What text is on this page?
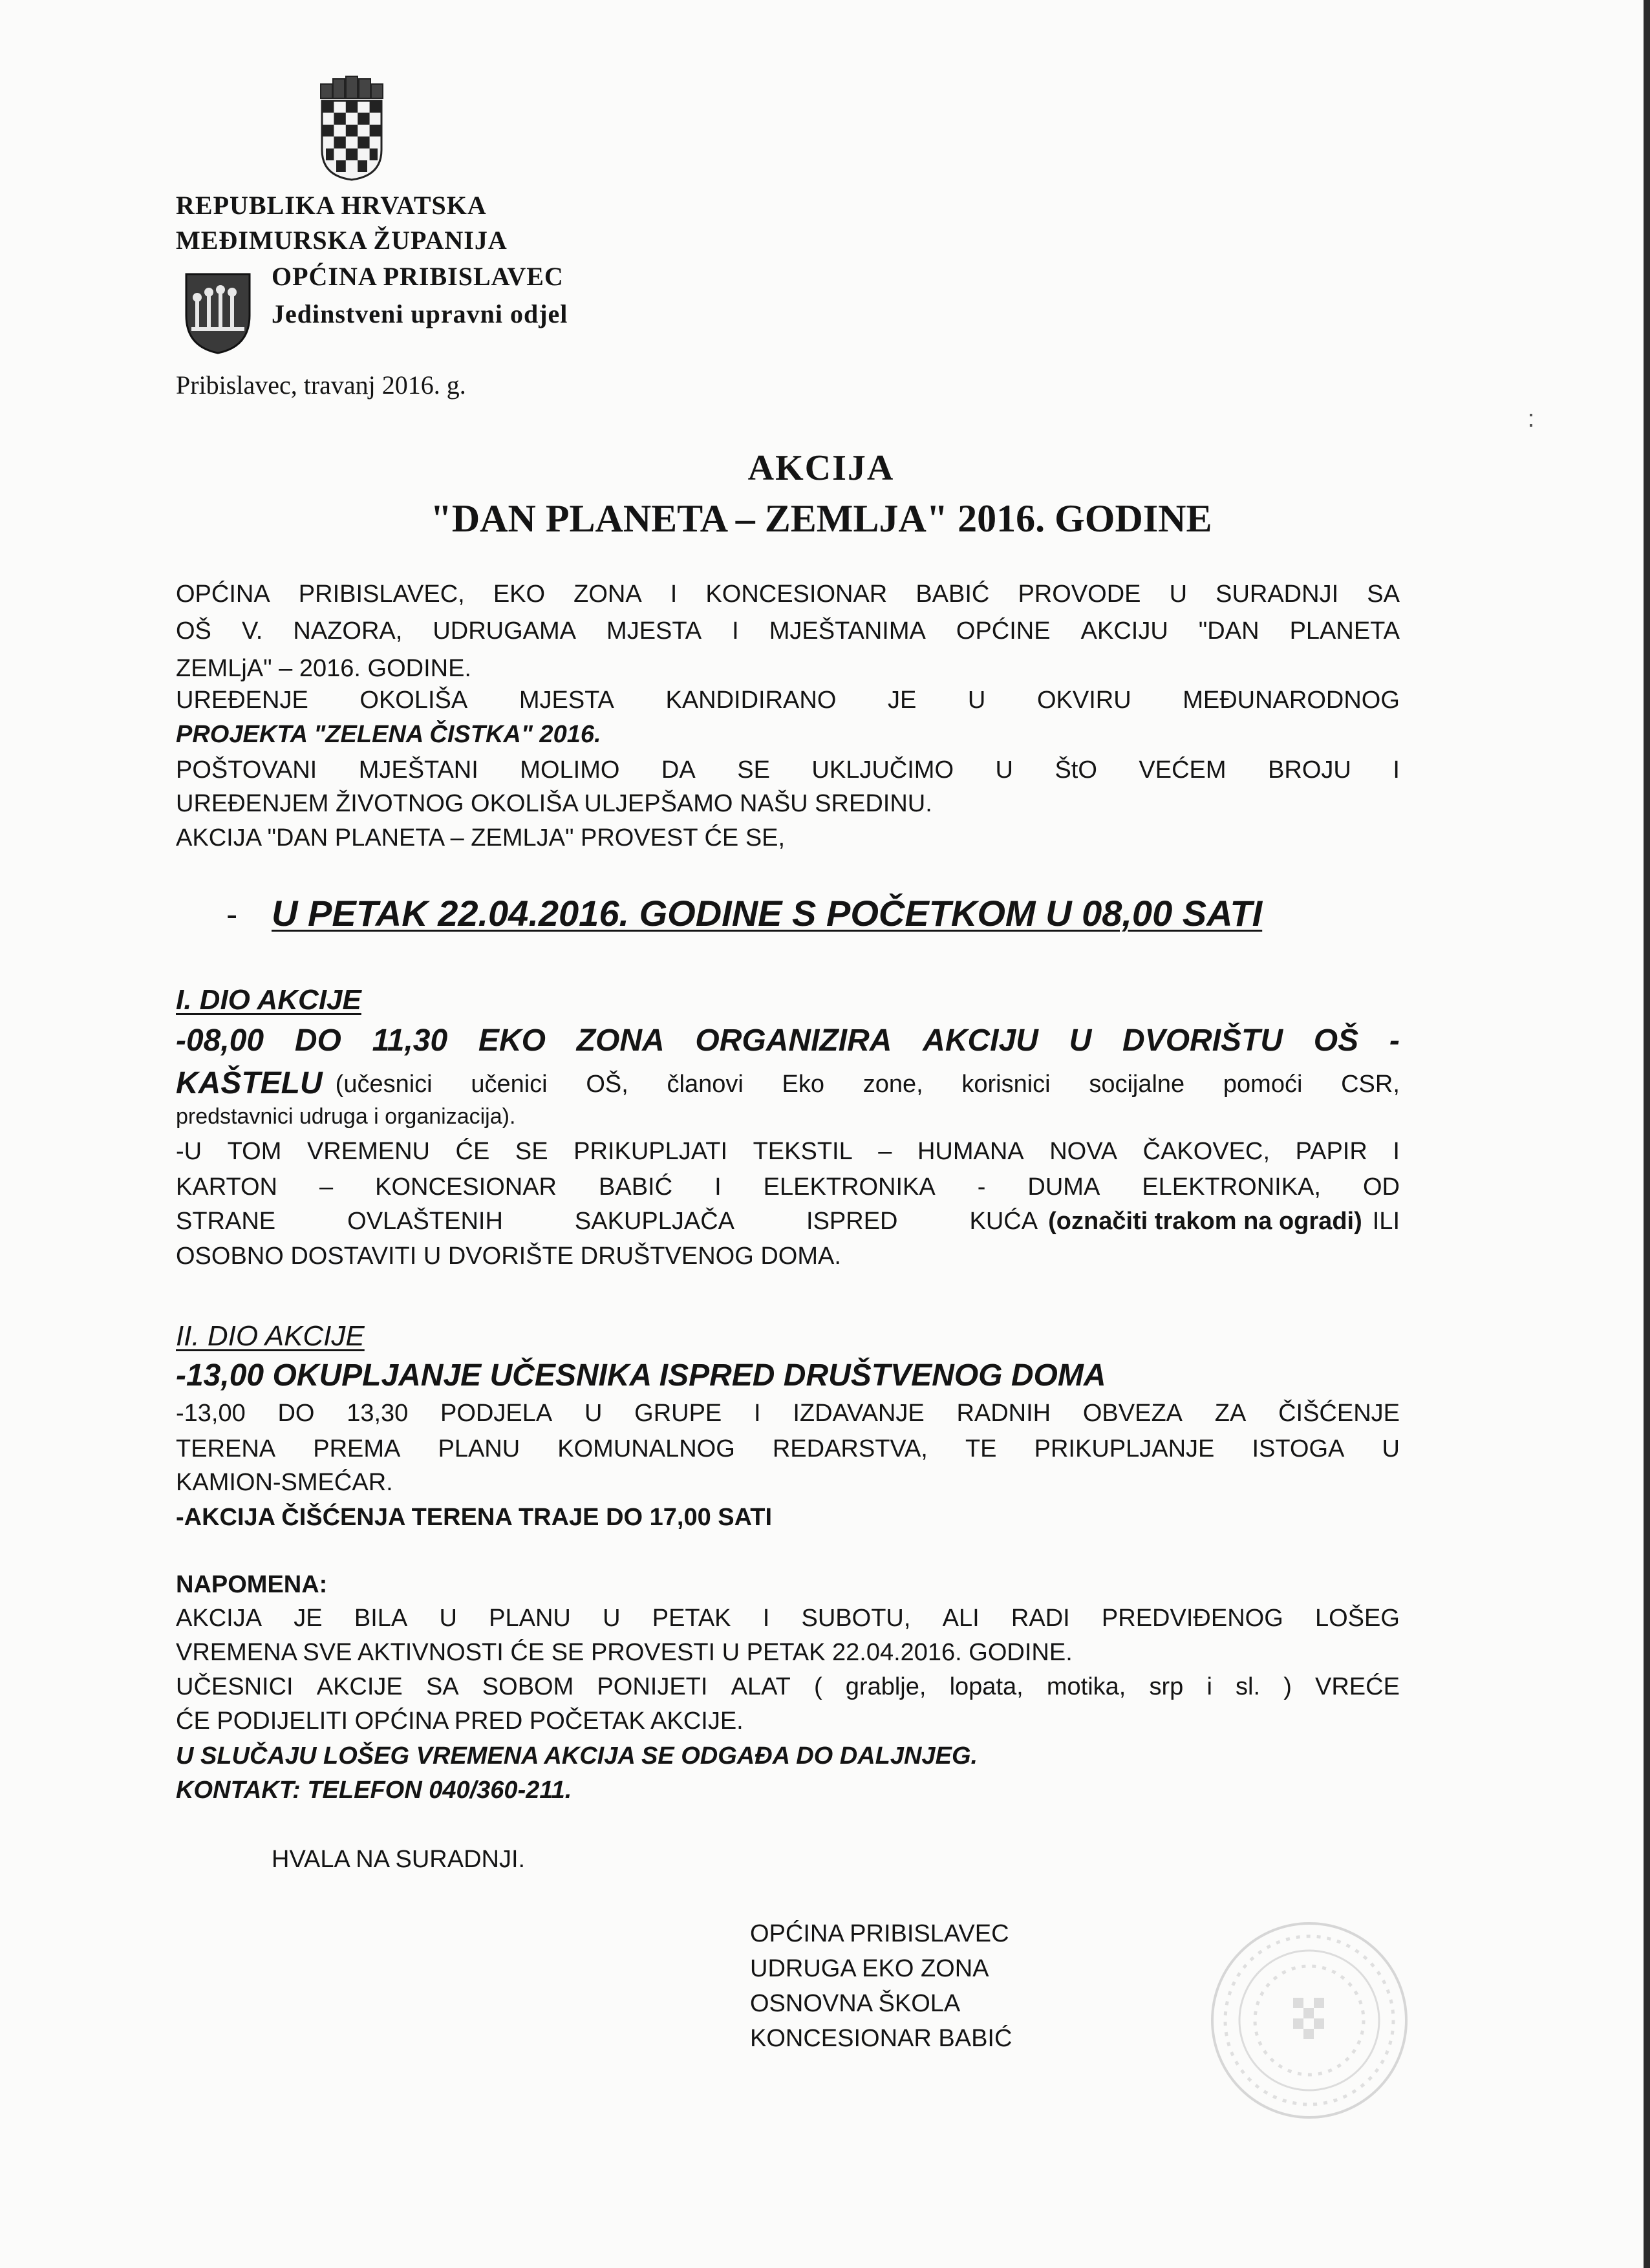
REPUBLIKA HRVATSKA
MEĐIMURSKA ŽUPANIJA
OPĆINA PRIBISLAVEC
Jedinstveni upravni odjel
Pribislavec, travanj 2016. g.
AKCIJA
"DAN PLANETA – ZEMLJA" 2016. GODINE
OPĆINA PRIBISLAVEC, EKO ZONA I KONCESIONAR BABIĆ PROVODE U SURADNJI SA
OŠ V. NAZORA, UDRUGAMA MJESTA I MJEŠTANIMA OPĆINE AKCIJU "DAN PLANETA
ZEMLjA" – 2016. GODINE.
UREĐENJE OKOLIŠA MJESTA KANDIDIRANO JE U OKVIRU MEĐUNARODNOG
PROJEKTA "ZELENA ČISTKA" 2016.
POŠTOVANI MJEŠTANI MOLIMO DA SE UKLJUČIMO U ŠtO VEĆEM BROJU I
UREĐENJEM ŽIVOTNOG OKOLIŠA ULJEPŠAMO NAŠU SREDINU.
AKCIJA "DAN PLANETA – ZEMLJA" PROVEST ĆE SE,
- U PETAK 22.04.2016. GODINE S POČETKOM U 08,00 SATI
I. DIO AKCIJE
-08,00 DO 11,30 EKO ZONA ORGANIZIRA AKCIJU U DVORIŠTU OŠ -
KAŠTELU (učesnici učenici OŠ, članovi Eko zone, korisnici socijalne pomoći CSR,
predstavnici udruga i organizacija).
-U TOM VREMENU ĆE SE PRIKUPLJATI TEKSTIL – HUMANA NOVA ČAKOVEC, PAPIR I
KARTON – KONCESIONAR BABIĆ I ELEKTRONIKA - DUMA ELEKTRONIKA, OD
STRANE	OVLAŠTENIH	SAKUPLJAČA	ISPRED	KUĆA (označiti trakom na ogradi) ILI
OSOBNO DOSTAVITI U DVORIŠTE DRUŠTVENOG DOMA.
II. DIO AKCIJE
-13,00 OKUPLJANJE UČESNIKA ISPRED DRUŠTVENOG DOMA
-13,00 DO 13,30 PODJELA U GRUPE I IZDAVANJE RADNIH OBVEZA ZA ČIŠĆENJE
TERENA PREMA PLANU KOMUNALNOG REDARSTVA, TE PRIKUPLJANJE ISTOGA U
KAMION-SMEĆAR.
-AKCIJA ČIŠĆENJA TERENA TRAJE DO 17,00 SATI
NAPOMENA:
AKCIJA JE BILA U PLANU U PETAK I SUBOTU, ALI RADI PREDVIĐENOG LOŠEG
VREMENA SVE AKTIVNOSTI ĆE SE PROVESTI U PETAK 22.04.2016. GODINE.
UČESNICI AKCIJE SA SOBOM PONIJETI ALAT ( grablje, lopata, motika, srp i sl. ) VREĆE
ĆE PODIJELITI OPĆINA PRED POČETAK AKCIJE.
U SLUČAJU LOŠEG VREMENA AKCIJA SE ODGAĐA DO DALJNJEG.
KONTAKT: TELEFON 040/360-211.
HVALA NA SURADNJI.
OPĆINA PRIBISLAVEC
UDRUGA EKO ZONA
OSNOVNA ŠKOLA
KONCESIONAR BABIĆ
